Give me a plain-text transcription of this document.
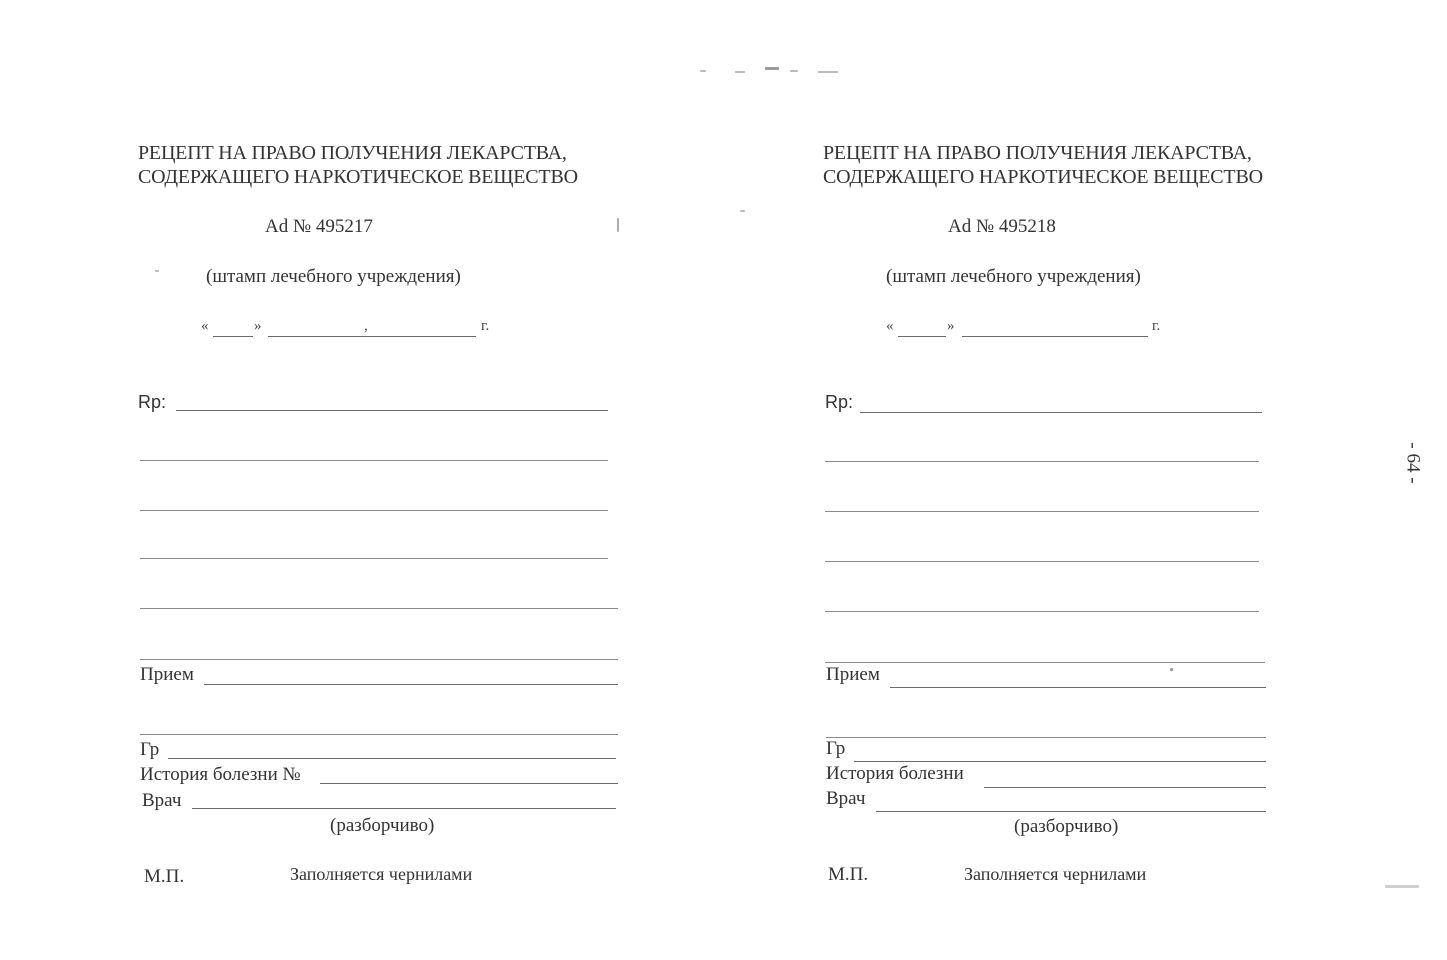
РЕЦЕПТ НА ПРАВО ПОЛУЧЕНИЯ ЛЕКАРСТВА,
СОДЕРЖАЩЕГО НАРКОТИЧЕСКОЕ ВЕЩЕСТВО
Ad № 495217
(штамп лечебного учреждения)
«	»	,	г.
Rp:
Прием
Гр
История болезни №
Врач
(разборчиво)
М.П.	Заполняется чернилами
РЕЦЕПТ НА ПРАВО ПОЛУЧЕНИЯ ЛЕКАРСТВА,
СОДЕРЖАЩЕГО НАРКОТИЧЕСКОЕ ВЕЩЕСТВО
Ad № 495218
(штамп лечебного учреждения)
«	»	г.
Rp:
Прием
Гр
История болезни
Врач
(разборчиво)
М.П.	Заполняется чернилами
- 64 -
